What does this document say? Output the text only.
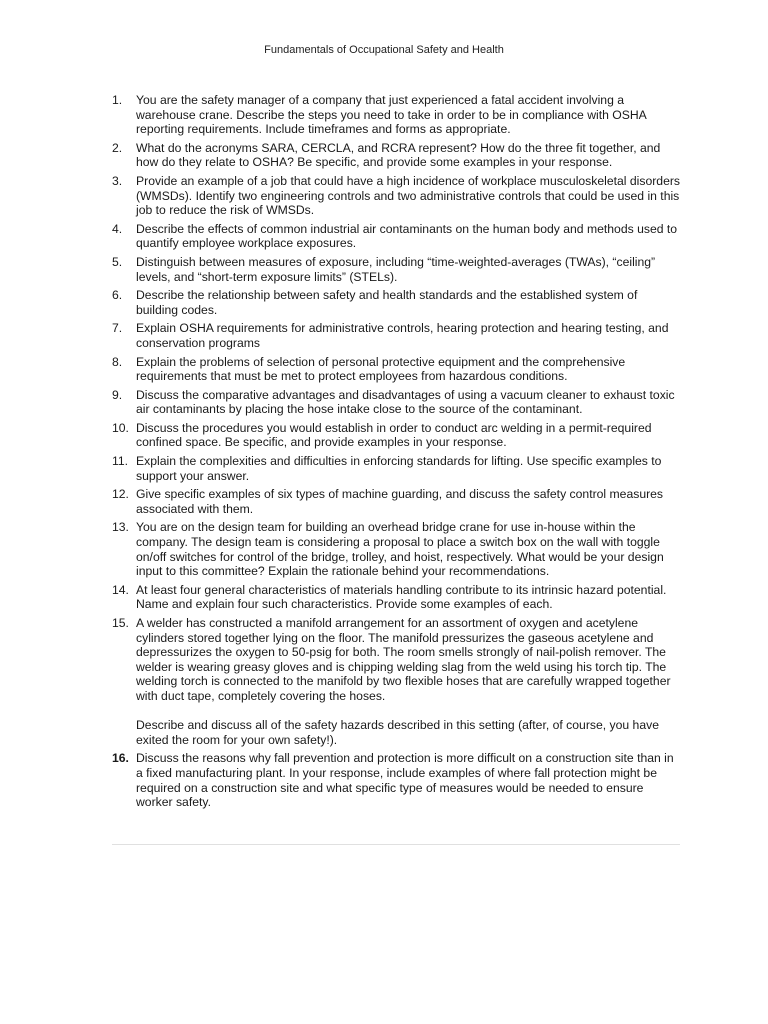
Fundamentals of Occupational Safety and Health
1.	You are the safety manager of a company that just experienced a fatal accident involving a warehouse crane. Describe the steps you need to take in order to be in compliance with OSHA reporting requirements. Include timeframes and forms as appropriate.
2.	What do the acronyms SARA, CERCLA, and RCRA represent? How do the three fit together, and how do they relate to OSHA? Be specific, and provide some examples in your response.
3.	Provide an example of a job that could have a high incidence of workplace musculoskeletal disorders (WMSDs). Identify two engineering controls and two administrative controls that could be used in this job to reduce the risk of WMSDs.
4.	Describe the effects of common industrial air contaminants on the human body and methods used to quantify employee workplace exposures.
5.	Distinguish between measures of exposure, including “time-weighted-averages (TWAs), “ceiling” levels, and “short-term exposure limits” (STELs).
6.	Describe the relationship between safety and health standards and the established system of building codes.
7.	Explain OSHA requirements for administrative controls, hearing protection and hearing testing, and conservation programs
8.	Explain the problems of selection of personal protective equipment and the comprehensive requirements that must be met to protect employees from hazardous conditions.
9.	Discuss the comparative advantages and disadvantages of using a vacuum cleaner to exhaust toxic air contaminants by placing the hose intake close to the source of the contaminant.
10. Discuss the procedures you would establish in order to conduct arc welding in a permit-required confined space. Be specific, and provide examples in your response.
11. Explain the complexities and difficulties in enforcing standards for lifting. Use specific examples to support your answer.
12. Give specific examples of six types of machine guarding, and discuss the safety control measures associated with them.
13. You are on the design team for building an overhead bridge crane for use in-house within the company. The design team is considering a proposal to place a switch box on the wall with toggle on/off switches for control of the bridge, trolley, and hoist, respectively. What would be your design input to this committee? Explain the rationale behind your recommendations.
14. At least four general characteristics of materials handling contribute to its intrinsic hazard potential. Name and explain four such characteristics. Provide some examples of each.
15. A welder has constructed a manifold arrangement for an assortment of oxygen and acetylene cylinders stored together lying on the floor. The manifold pressurizes the gaseous acetylene and depressurizes the oxygen to 50-psig for both. The room smells strongly of nail-polish remover. The welder is wearing greasy gloves and is chipping welding slag from the weld using his torch tip. The welding torch is connected to the manifold by two flexible hoses that are carefully wrapped together with duct tape, completely covering the hoses.
Describe and discuss all of the safety hazards described in this setting (after, of course, you have exited the room for your own safety!).
16. Discuss the reasons why fall prevention and protection is more difficult on a construction site than in a fixed manufacturing plant. In your response, include examples of where fall protection might be required on a construction site and what specific type of measures would be needed to ensure worker safety.
